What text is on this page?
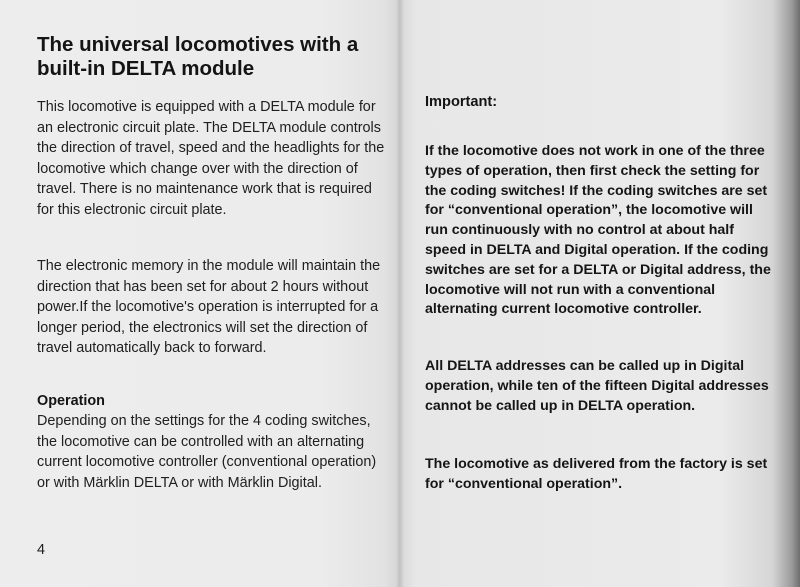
The universal locomotives with a built-in DELTA module

This locomotive is equipped with a DELTA module for an electronic circuit plate. The DELTA module controls the direction of travel, speed and the headlights for the locomotive which change over with the direction of travel. There is no maintenance work that is required for this electronic circuit plate.

The electronic memory in the module will maintain the direction that has been set for about 2 hours without power.If the locomotive's operation is interrupted for a longer period, the electronics will set the direction of travel automatically back to forward.

Operation

Depending on the settings for the 4 coding switches, the locomotive can be controlled with an alternating current locomotive controller (conventional operation) or with Märklin DELTA or with Märklin Digital.

4
Important:

If the locomotive does not work in one of the three types of operation, then first check the setting for the coding switches! If the coding switches are set for “conventional operation”, the locomotive will run continuously with no control at about half speed in DELTA and Digital operation. If the coding switches are set for a DELTA or Digital address, the locomotive will not run with a conventional alternating current locomotive controller.

All DELTA addresses can be called up in Digital operation, while ten of the fifteen Digital addresses cannot be called up in DELTA operation.

The locomotive as delivered from the factory is set for “conventional operation”.
